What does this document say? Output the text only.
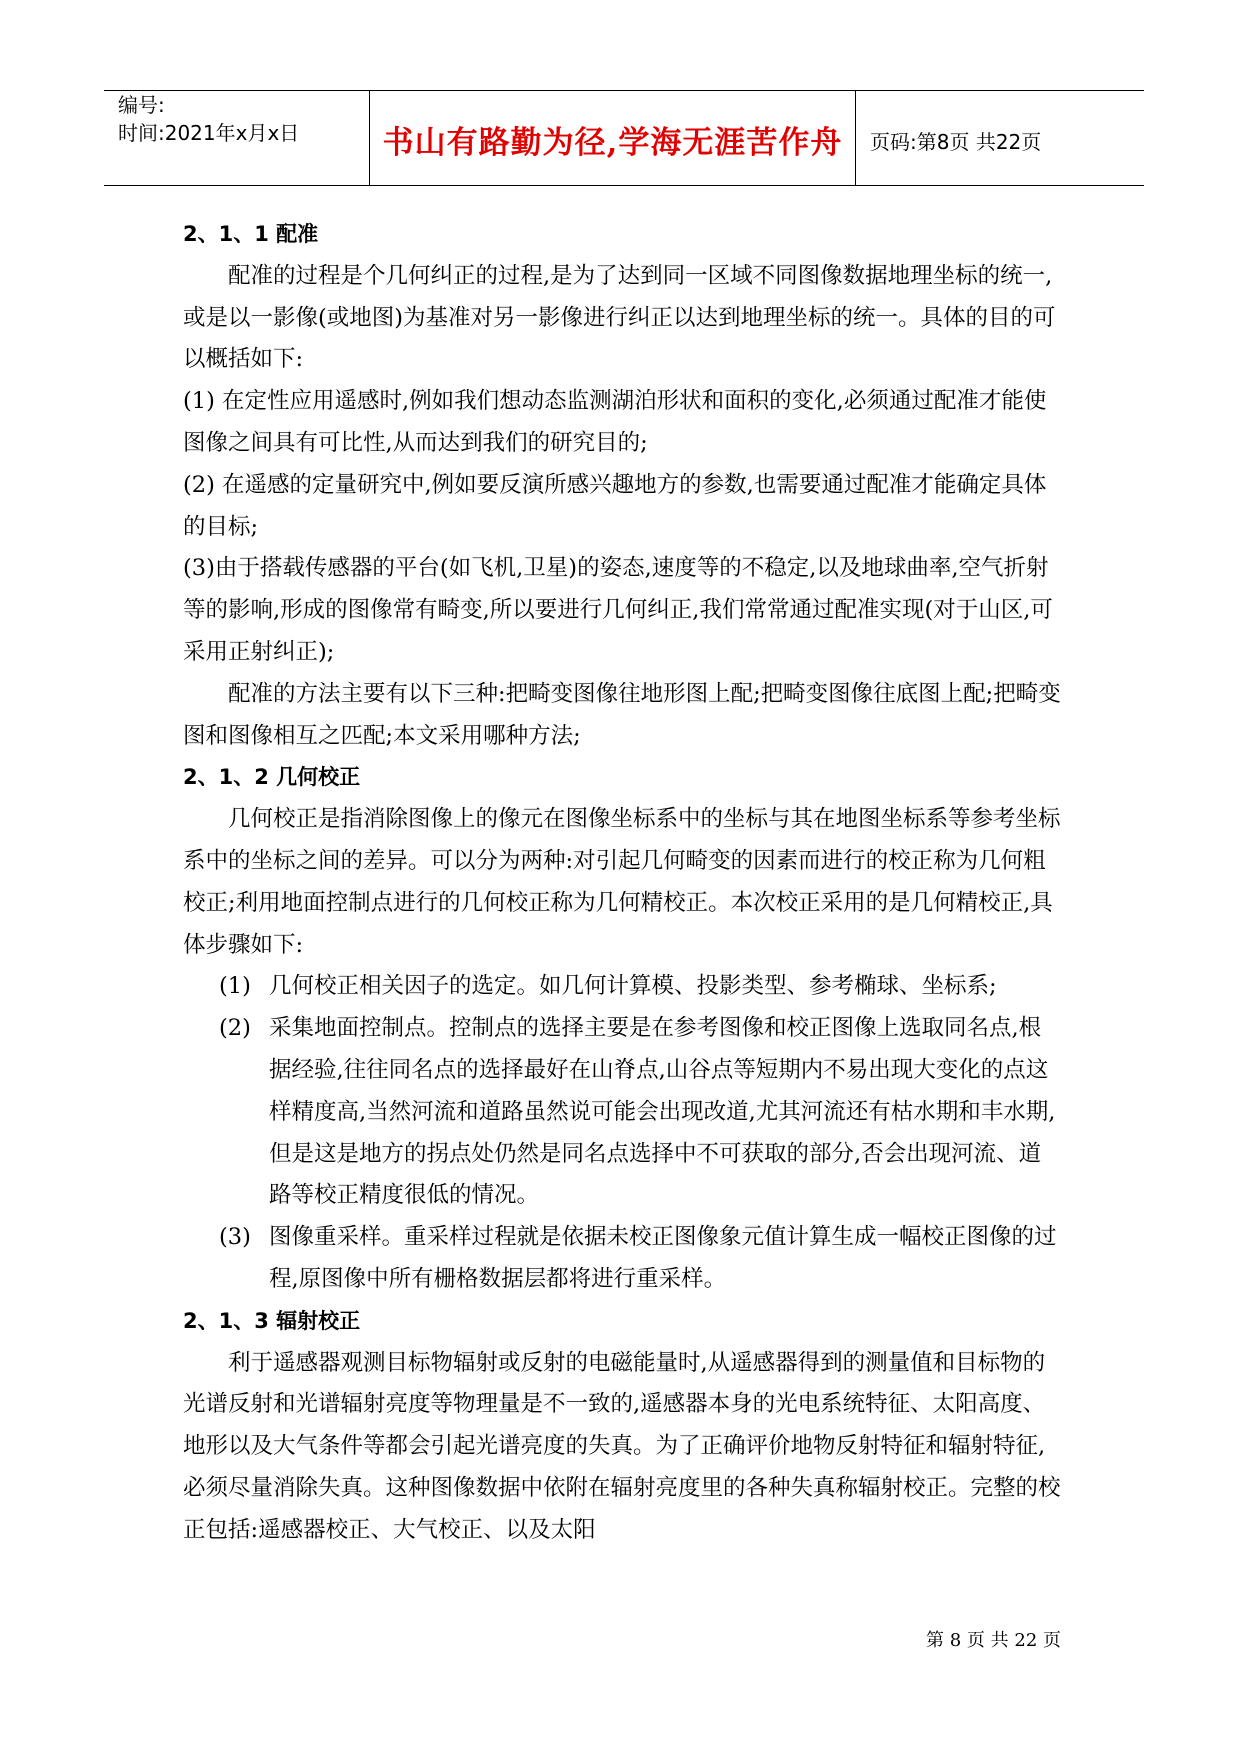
编号:
时间:2021年x月x日	书山有路勤为径,学海无涯苦作舟	页码:第8页 共22页

2、1、1 配准

配准的过程是个几何纠正的过程,是为了达到同一区域不同图像数据地理坐标的统一,或是以一影像(或地图)为基准对另一影像进行纠正以达到地理坐标的统一。具体的目的可以概括如下:

(1) 在定性应用遥感时,例如我们想动态监测湖泊形状和面积的变化,必须通过配准才能使图像之间具有可比性,从而达到我们的研究目的;

(2) 在遥感的定量研究中,例如要反演所感兴趣地方的参数,也需要通过配准才能确定具体的目标;

(3)由于搭载传感器的平台(如飞机,卫星)的姿态,速度等的不稳定,以及地球曲率,空气折射等的影响,形成的图像常有畸变,所以要进行几何纠正,我们常常通过配准实现(对于山区,可采用正射纠正);

配准的方法主要有以下三种:把畸变图像往地形图上配;把畸变图像往底图上配;把畸变图和图像相互之匹配;本文采用哪种方法;

2、1、2 几何校正

几何校正是指消除图像上的像元在图像坐标系中的坐标与其在地图坐标系等参考坐标系中的坐标之间的差异。可以分为两种:对引起几何畸变的因素而进行的校正称为几何粗校正;利用地面控制点进行的几何校正称为几何精校正。本次校正采用的是几何精校正,具体步骤如下:

(1) 几何校正相关因子的选定。如几何计算模、投影类型、参考椭球、坐标系;

(2) 采集地面控制点。控制点的选择主要是在参考图像和校正图像上选取同名点,根据经验,往往同名点的选择最好在山脊点,山谷点等短期内不易出现大变化的点这样精度高,当然河流和道路虽然说可能会出现改道,尤其河流还有枯水期和丰水期,但是这是地方的拐点处仍然是同名点选择中不可获取的部分,否会出现河流、道路等校正精度很低的情况。

(3) 图像重采样。重采样过程就是依据未校正图像象元值计算生成一幅校正图像的过程,原图像中所有栅格数据层都将进行重采样。

2、1、3 辐射校正

利于遥感器观测目标物辐射或反射的电磁能量时,从遥感器得到的测量值和目标物的光谱反射和光谱辐射亮度等物理量是不一致的,遥感器本身的光电系统特征、太阳高度、地形以及大气条件等都会引起光谱亮度的失真。为了正确评价地物反射特征和辐射特征,必须尽量消除失真。这种图像数据中依附在辐射亮度里的各种失真称辐射校正。完整的校正包括:遥感器校正、大气校正、以及太阳

第 8 页 共 22 页
